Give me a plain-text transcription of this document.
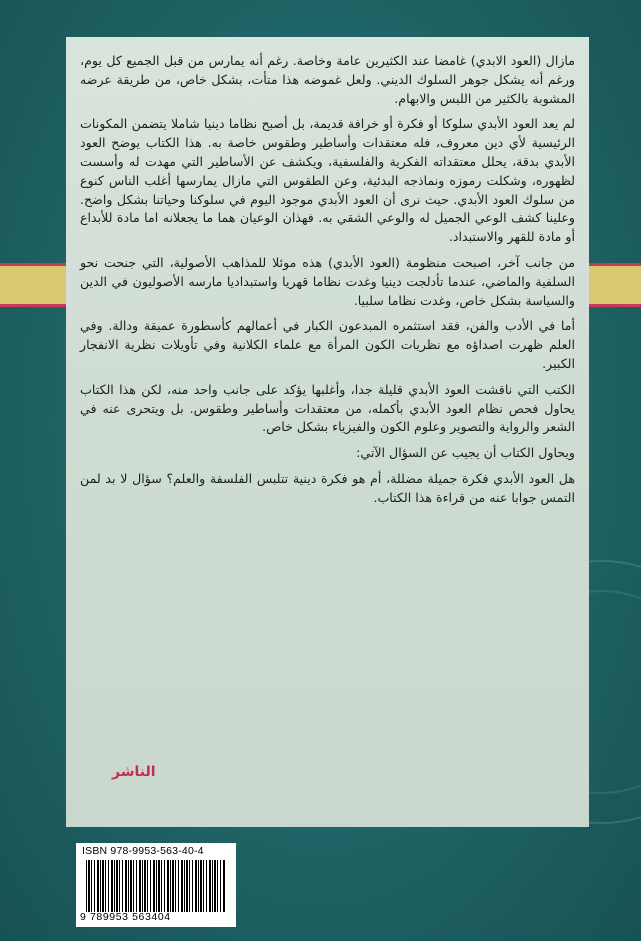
مازال (العود الابدي) غامضا عند الكثيرين عامة وخاصة. رغم أنه يمارس من قبل الجميع كل يوم، ورغم أنه يشكل جوهر السلوك الديني. ولعل غموضه هذا متأت، بشكل خاص، من طريقة عرضه المشوبة بالكثير من اللبس والابهام.

لم يعد العود الأبدي سلوكا أو فكرة أو خرافة قديمة، بل أصبح نظاما دينيا شاملا يتضمن المكونات الرئيسية لأي دين معروف، فله معتقدات وأساطير وطقوس خاصة به. هذا الكتاب يوضح العود الأبدي بدقة، يحلل معتقداته الفكرية والفلسفية، ويكشف عن الأساطير التي مهدت له وأسست لظهوره، وشكلت رموزه ونماذجه البدئية، وعن الطقوس التي مازال يمارسها أغلب الناس كنوع من سلوك العود الأبدي. حيث نرى أن العود الأبدي موجود اليوم في سلوكنا وحياتنا بشكل واضح. وعلينا كشف الوعي الجميل له والوعي الشقي به. فهذان الوعيان هما ما يجعلانه اما مادة للأبداع أو مادة للقهر والاستبداد.

من جانب آخر، اصبحت منظومة (العود الأبدي) هذه موئلا للمذاهب الأصولية، التي جنحت نحو السلفية والماضي، عندما تأدلجت دينيا وغدت نظاما قهريا واستبداديا مارسه الأصوليون في الدين والسياسة بشكل خاص، وغدت نظاما سلبيا.

أما في الأدب والفن، فقد استثمره المبدعون الكبار في أعمالهم كأسطورة عميقة ودالة. وفي العلم ظهرت اصداؤه مع نظريات الكون المرأة مع علماء الكلانية وفي تأويلات نظرية الانفجار الكبير.

الكتب التي ناقشت العود الأبدي قليلة جدا، وأغلبها يؤكد على جانب واحد منه، لكن هذا الكتاب يحاول فحص نظام العود الأبدي بأكمله، من معتقدات وأساطير وطقوس. بل ويتحرى عنه في الشعر والرواية والتصوير وعلوم الكون والفيزياء بشكل خاص.

ويحاول الكتاب أن يجيب عن السؤال الآتي:

هل العود الأبدي فكرة جميلة مضللة، أم هو فكرة دينية تتلبس الفلسفة والعلم؟ سؤال لا بد لمن التمس جوابا عنه من قراءة هذا الكتاب.

الناشر
ISBN 978-9953-563-40-4
9 789953 563404
